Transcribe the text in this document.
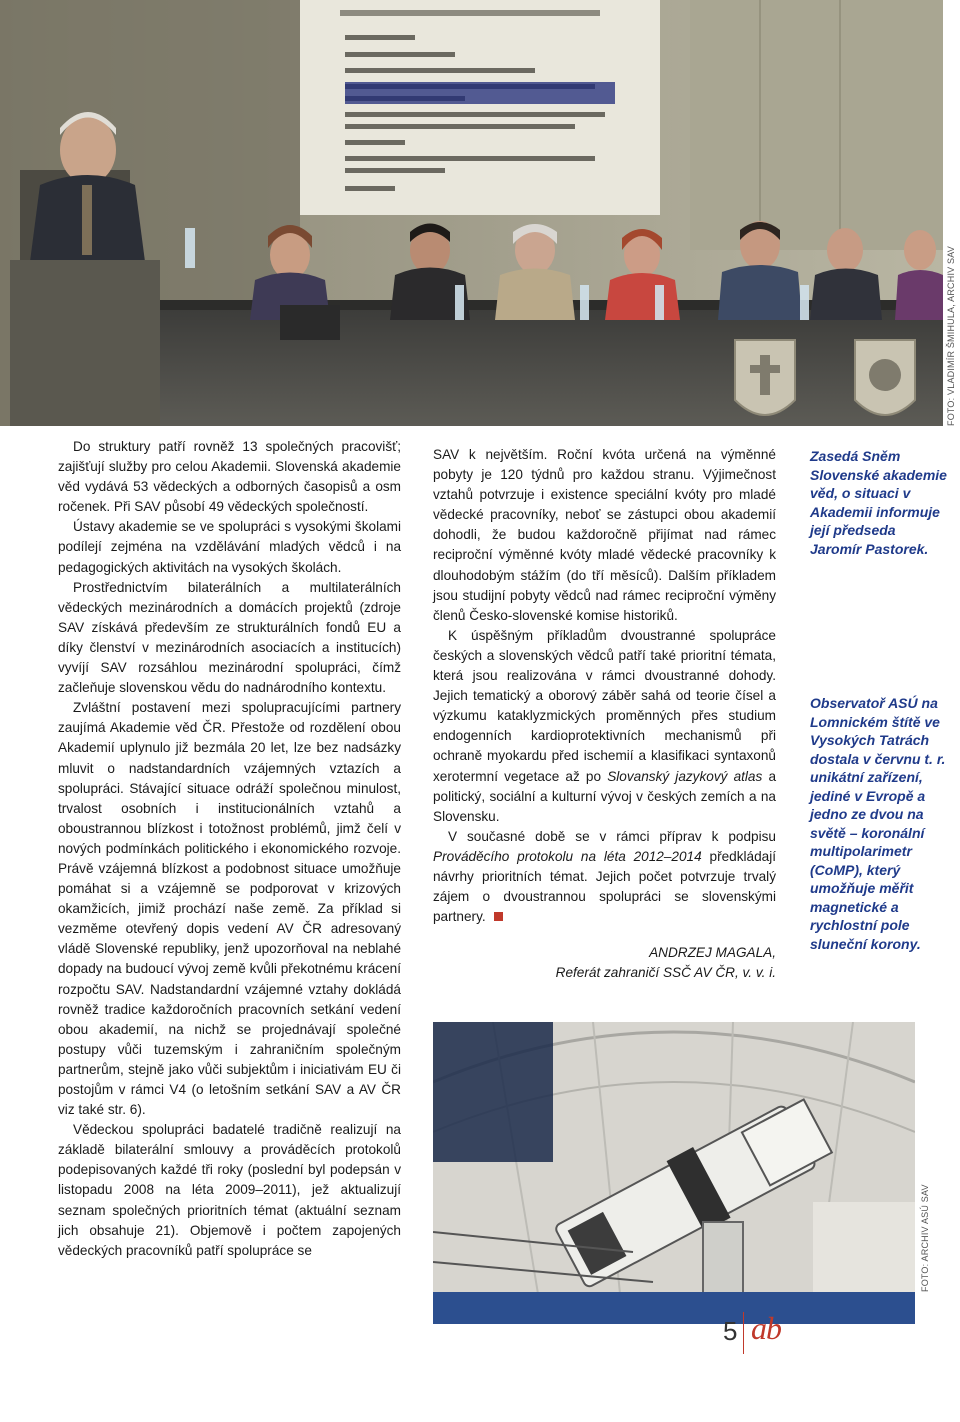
FOTO: VLADIMÍR ŠMIHULA, ARCHIV SAV

Do struktury patří rovněž 13 společných pracovišť; zajišťují služby pro celou Akademii. Slovenská akademie věd vydává 53 vědeckých a odborných časopisů a osm ročenek. Při SAV působí 49 vědeckých společností.

Ústavy akademie se ve spolupráci s vysokými školami podílejí zejména na vzdělávání mladých vědců i na pedagogických aktivitách na vysokých školách.

Prostřednictvím bilaterálních a multilaterálních vědeckých mezinárodních a domácích projektů (zdroje SAV získává především ze strukturálních fondů EU a díky členství v mezinárodních asociacích a institucích) vyvíjí SAV rozsáhlou mezinárodní spolupráci, čímž začleňuje slovenskou vědu do nadnárodního kontextu.

Zvláštní postavení mezi spolupracujícími partnery zaujímá Akademie věd ČR. Přestože od rozdělení obou Akademií uplynulo již bezmála 20 let, lze bez nadsázky mluvit o nadstandardních vzájemných vztazích a spolupráci. Stávající situace odráží společnou minulost, trvalost osobních i institucionálních vztahů a oboustrannou blízkost i totožnost problémů, jimž čelí v nových podmínkách politického i ekonomického rozvoje. Právě vzájemná blízkost a podobnost situace umožňuje pomáhat si a vzájemně se podporovat v krizových okamžicích, jimiž prochází naše země. Za příklad si vezměme otevřený dopis vedení AV ČR adresovaný vládě Slovenské republiky, jenž upozorňoval na neblahé dopady na budoucí vývoj země kvůli překotnému krácení rozpočtu SAV. Nadstandardní vzájemné vztahy dokládá rovněž tradice každoročních pracovních setkání vedení obou akademií, na nichž se projednávají společné postupy vůči tuzemským i zahraničním společným partnerům, stejně jako vůči subjektům i iniciativám EU či postojům v rámci V4 (o letošním setkání SAV a AV ČR viz také str. 6).

Vědeckou spolupráci badatelé tradičně realizují na základě bilaterální smlouvy a prováděcích protokolů podepisovaných každé tři roky (poslední byl podepsán v listopadu 2008 na léta 2009–2011), jež aktualizují seznam společných prioritních témat (aktuální seznam jich obsahuje 21). Objemově i počtem zapojených vědeckých pracovníků patří spolupráce se

SAV k největším. Roční kvóta určená na výměnné pobyty je 120 týdnů pro každou stranu. Výjimečnost vztahů potvrzuje i existence speciální kvóty pro mladé vědecké pracovníky, neboť se zástupci obou akademií dohodli, že budou každoročně přijímat nad rámec reciproční výměnné kvóty mladé vědecké pracovníky k dlouhodobým stážím (do tří měsíců). Dalším příkladem jsou studijní pobyty vědců nad rámec reciproční výměny členů Česko-slovenské komise historiků.

K úspěšným příkladům dvoustranné spolupráce českých a slovenských vědců patří také prioritní témata, která jsou realizována v rámci dvoustranné dohody. Jejich tematický a oborový záběr sahá od teorie čísel a výzkumu kataklyzmických proměnných přes studium endogenních kardioprotektivních mechanismů při ochraně myokardu před ischemií a klasifikaci syntaxonů xerotermní vegetace až po Slovanský jazykový atlas a politický, sociální a kulturní vývoj v českých zemích a na Slovensku.

V současné době se v rámci příprav k podpisu Prováděcího protokolu na léta 2012–2014 předkládají návrhy prioritních témat. Jejich počet potvrzuje trvalý zájem o dvoustrannou spolupráci se slovenskými partnery.

ANDRZEJ MAGALA,
Referát zahraničí SSČ AV ČR, v. v. i.
Zasedá Sněm Slovenské akademie věd, o situaci v Akademii informuje její předseda Jaromír Pastorek.
Observatoř ASÚ na Lomnickém štítě ve Vysokých Tatrách dostala v červnu t. r. unikátní zařízení, jediné v Evropě a jedno ze dvou na světě – koronální multipolarimetr (CoMP), který umožňuje měřit magnetické a rychlostní pole sluneční korony.
FOTO: ARCHIV ASÚ SAV
5 ab
